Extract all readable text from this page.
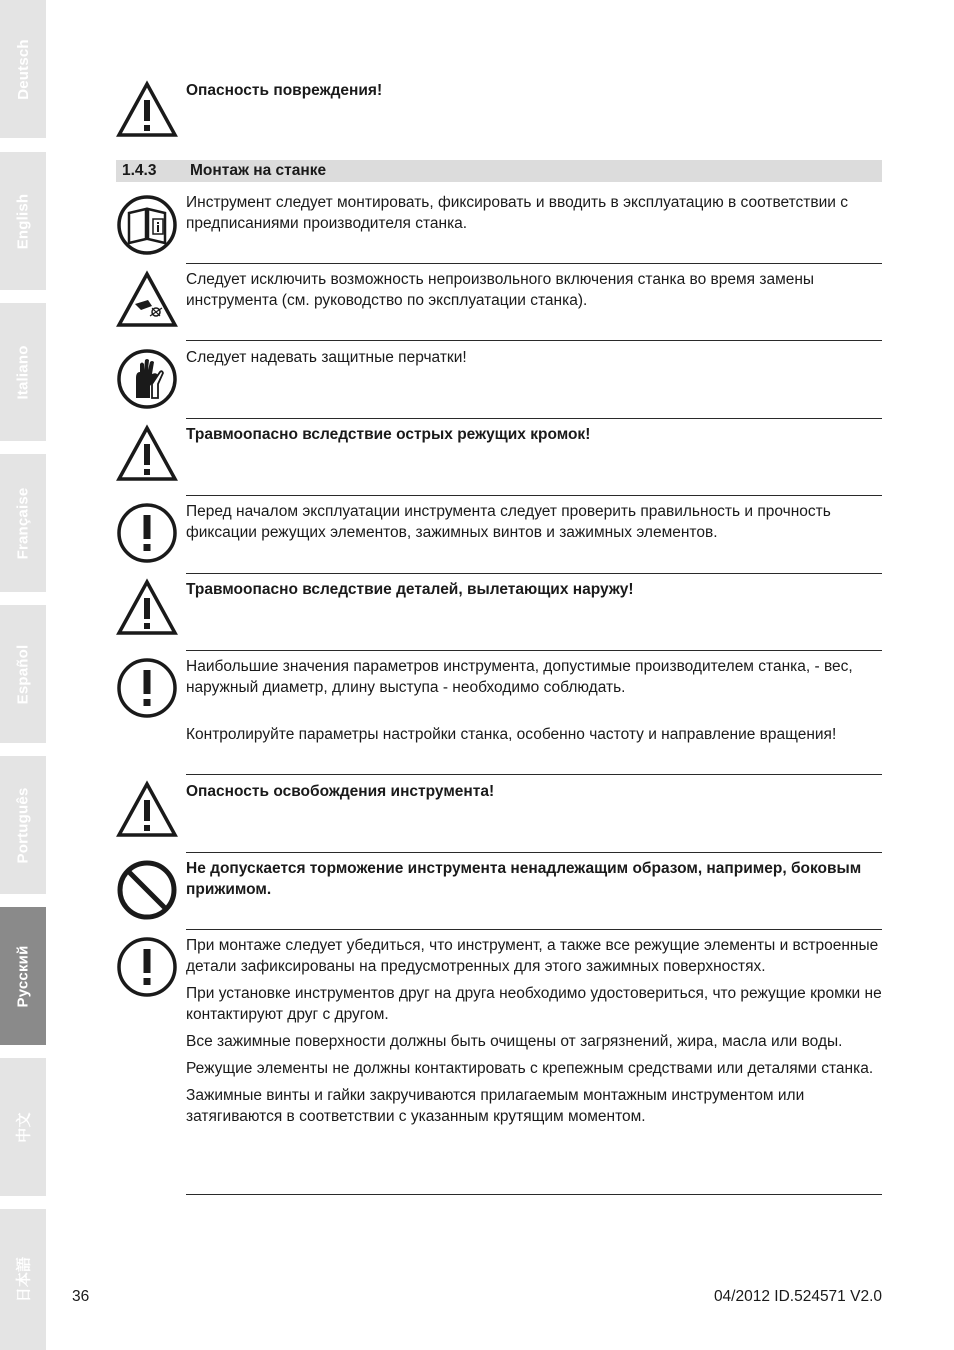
Deutsch
English
Italiano
Française
Español
Português
Русский
中文
日本語
Опасность повреждения!
1.4.3 Монтаж на станке
Инструмент следует монтировать, фиксировать и вводить в эксплуатацию в соответствии с предписаниями производителя станка.
Следует исключить возможность непроизвольного включения станка во время замены инструмента (см. руководство по эксплуатации станка).
Следует надевать защитные перчатки!
Травмоопасно вследствие острых режущих кромок!
Перед началом эксплуатации инструмента следует проверить правильность и прочность фиксации режущих элементов, зажимных винтов и зажимных элементов.
Травмоопасно вследствие деталей, вылетающих наружу!
Наибольшие значения параметров инструмента, допустимые производителем станка, - вес, наружный диаметр, длину выступа - необходимо соблюдать.
Контролируйте параметры настройки станка, особенно частоту и направление вращения!
Опасность освобождения инструмента!
Не допускается торможение инструмента ненадлежащим образом, например, боковым прижимом.

При монтаже следует убедиться, что инструмент, а также все режущие элементы и встроенные детали зафиксированы на предусмотренных для этого зажимных поверхностях.

При установке инструментов друг на друга необходимо удостовериться, что режущие кромки не контактируют друг с другом.

Все зажимные поверхности должны быть очищены от загрязнений, жира, масла или воды.

Режущие элементы не должны контактировать с крепежным средствами или деталями станка.

Зажимные винты и гайки закручиваются прилагаемым монтажным инструментом или затягиваются в соответствии с указанным крутящим моментом.

36	04/2012 ID.524571 V2.0
